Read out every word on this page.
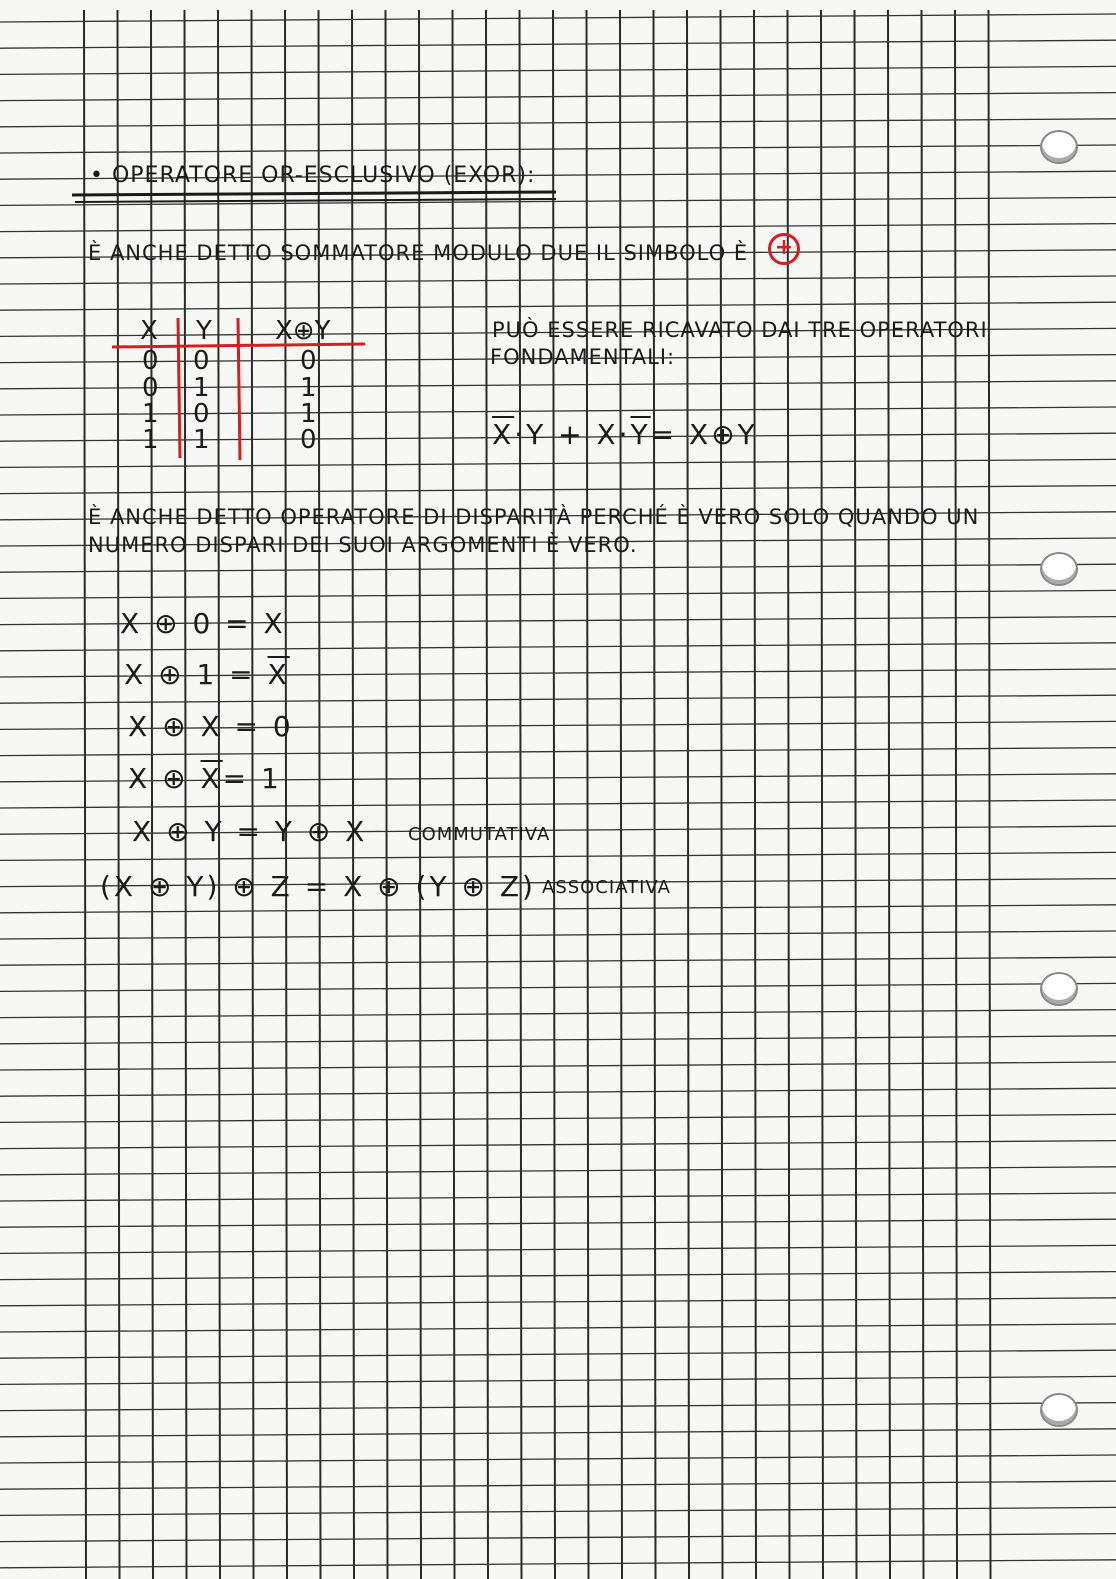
• OPERATORE OR-ESCLUSIVO (EXOR):
È ANCHE DETTO SOMMATORE MODULO DUE IL SIMBOLO È	+
X Y X⊕Y
0 0	0
0 1	1
1 0	1
1 1	0
PUÒ ESSERE RICAVATO DAI TRE OPERATORI
FONDAMENTALI:
$\overline{X}\cdot Y + X\cdot\overline{Y}=$ X⊕Y
È ANCHE DETTO OPERATORE DI DISPARITÀ PERCHÉ È VERO SOLO QUANDO UN
NUMERO DISPARI DEI SUOI ARGOMENTI È VERO.
X ⊕ 0 = X
X ⊕ $1 = \overline{X}$
X ⊕ X = 0
X ⊕ $\overline{X}= 1$
X ⊕ Y = Y ⊕ X COMMUTATIVA
(X ⊕ Y) ⊕ Z = X ⊕ (Y ⊕ Z) ASSOCIATIVA
